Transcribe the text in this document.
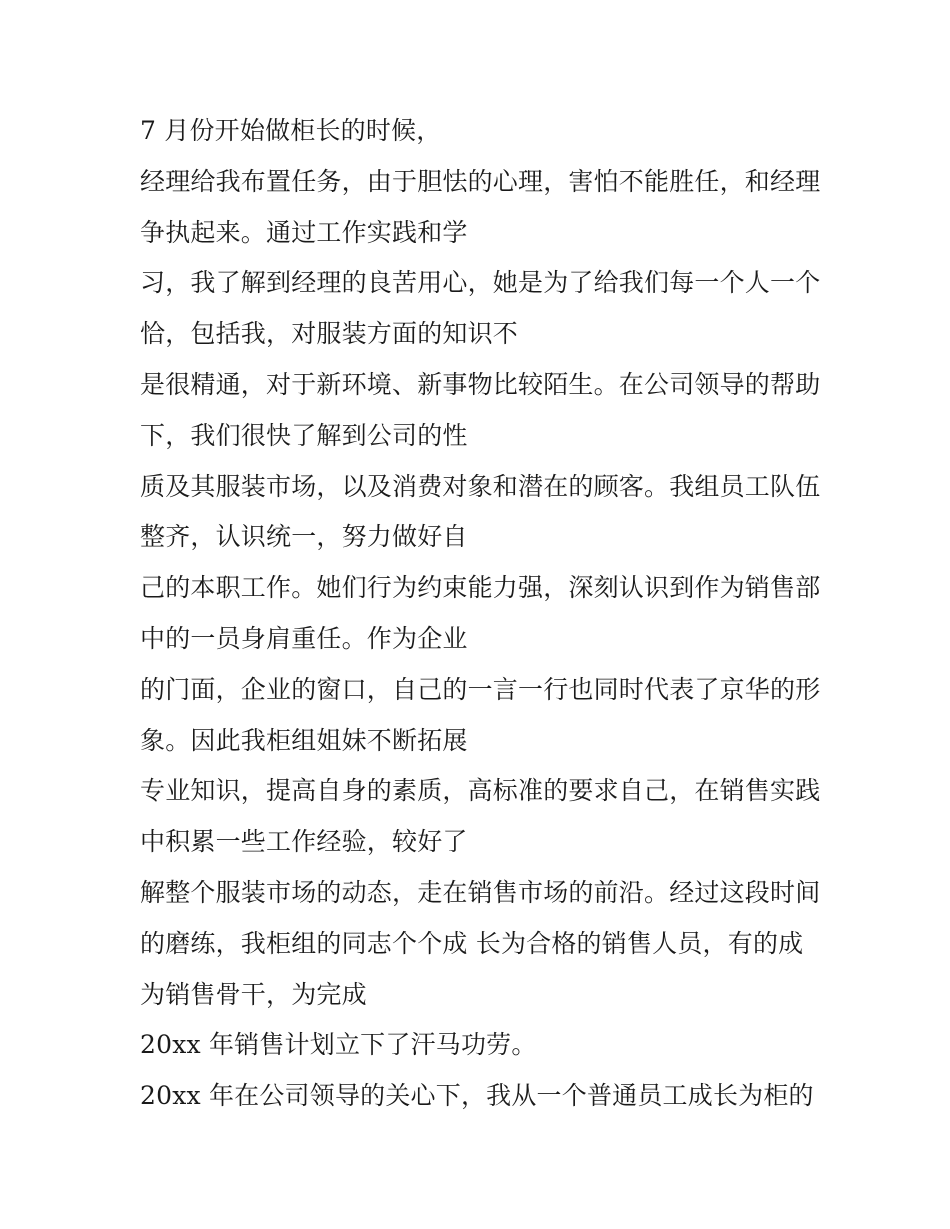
7 月份开始做柜长的时候，
经理给我布置任务，由于胆怯的心理，害怕不能胜任，和经理
争执起来。通过工作实践和学
习，我了解到经理的良苦用心，她是为了给我们每一个人一个
恰，包括我，对服装方面的知识不
是很精通，对于新环境、新事物比较陌生。在公司领导的帮助
下，我们很快了解到公司的性
质及其服装市场，以及消费对象和潜在的顾客。我组员工队伍
整齐，认识统一，努力做好自
己的本职工作。她们行为约束能力强，深刻认识到作为销售部
中的一员身肩重任。作为企业
的门面，企业的窗口，自己的一言一行也同时代表了京华的形
象。因此我柜组姐妹不断拓展
专业知识，提高自身的素质，高标准的要求自己，在销售实践
中积累一些工作经验，较好了
解整个服装市场的动态，走在销售市场的前沿。经过这段时间
的磨练，我柜组的同志个个成 长为合格的销售人员，有的成
为销售骨干，为完成
20xx 年销售计划立下了汗马功劳。
20xx 年在公司领导的关心下，我从一个普通员工成长为柜的
